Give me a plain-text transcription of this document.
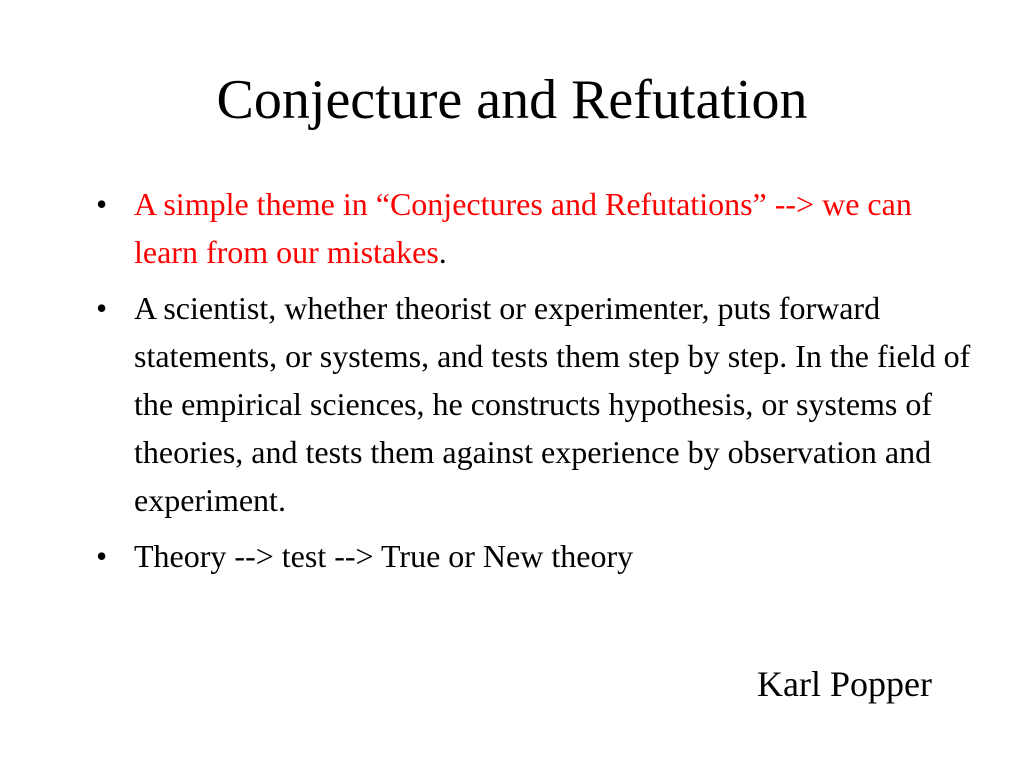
Conjecture and Refutation
• A simple theme in “Conjectures and Refutations” --> we can learn from our mistakes.
• A scientist, whether theorist or experimenter, puts forward statements, or systems, and tests them step by step. In the field of the empirical sciences, he constructs hypothesis, or systems of theories, and tests them against experience by observation and experiment.
• Theory --> test --> True or New theory
Karl Popper
